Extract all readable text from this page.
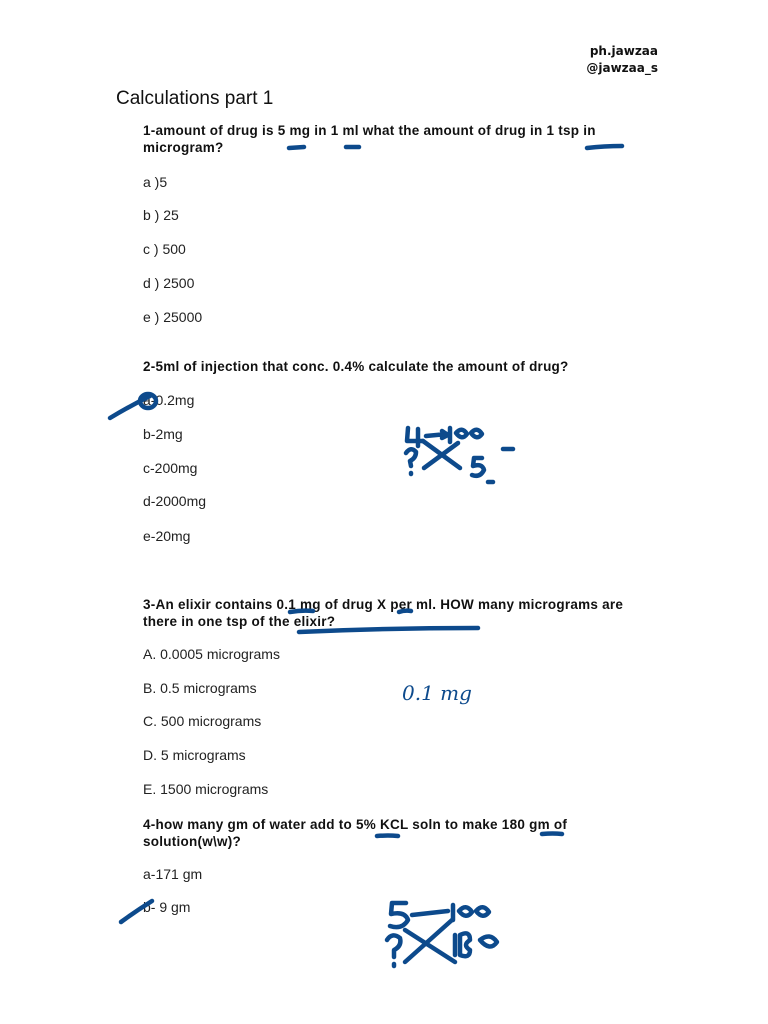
ph.jawzaa
@jawzaa_s
Calculations part 1
1-amount of drug is 5 mg in 1 ml what the amount of drug in 1 tsp in microgram?
a )5
b ) 25
c ) 500
d ) 2500
e ) 25000
2-5ml of injection that conc. 0.4% calculate the amount of drug?
a-0.2mg
b-2mg
c-200mg
d-2000mg
e-20mg
3-An elixir contains 0.1 mg of drug X per ml. HOW many micrograms are there in one tsp of the elixir?
A. 0.0005 micrograms
B. 0.5 micrograms
C. 500 micrograms
D. 5 micrograms
E. 1500 micrograms
4-how many gm of water add to 5% KCL soln to make 180 gm of solution(w\w)?
a-171 gm
b- 9 gm
0.1 mg
